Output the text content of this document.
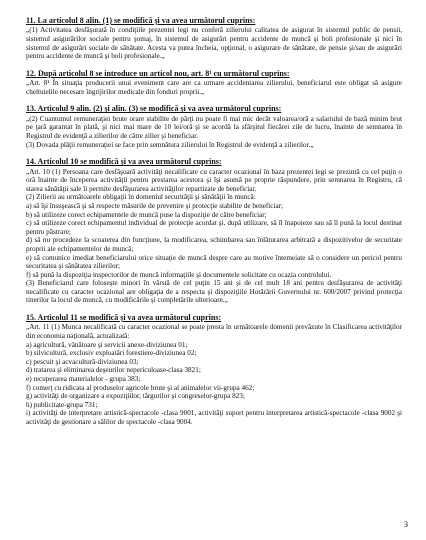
11. La articolul 8 alin. (1) se modifică şi va avea următorul cuprins:

„(1) Activitatea desfăşurată în condiţiile prezentei legi nu conferă zilierului calitatea de asigurat în sistemul public de pensii, sistemul asigurărilor sociale pentru şomaj, în sistemul de asigurări pentru accidente de muncă şi boli profesionale şi nici în sistemul de asigurări sociale de sănătate. Acesta va putea încheia, opţional, o asigurare de sănătate, de pensie şi/sau de asigurări pentru accidente de muncă şi boli profesionale.„

12. După articolul 8 se introduce un articol nou, art. 8¹ cu următorul cuprins:

„Art. 8¹ În situaţia producerii unui eveniment care are ca urmare accidentarea zilierului, beneficiarul este obligat să asigure cheltuielile necesare îngrijirilor medicale din fonduri proprii.„

13. Articolul 9 alin. (2) şi alin. (3) se modifică şi va avea următorul cuprins:

„(2) Cuantumul remuneraţiei brute orare stabilite de părţi nu poate fi mai mic decât valoarea/oră a salariului de bază minim brut pe ţară garantat în plată, şi nici mai mare de 10 lei/oră şi se acordă la sfârşitul fiecărei zile de lucru, înainte de semnarea în Registrul de evidenţă a zilierilor de către zilier şi beneficiar.

(3) Dovada plăţii remuneraţiei se face prin semnătura zilierului în Registrul de evidenţă a zilierilor.„

14. Articolul 10 se modifică şi va avea următorul cuprins:

„Art. 10 (1) Persoana care desfăşoară activităţi necalificate cu caracter ocazional în baza prezentei legi se prezintă cu cel puţin o oră înainte de începerea activităţii pentru prestarea acestora şi îşi asumă pe proprie răspundere, prin semnarea în Registru, că starea sănătăţii sale îi permite desfăşurarea activităţilor repartizate de beneficiar.

(2) Zilierii au următoarele obligaţii în domeniul securităţii şi sănătăţii în muncă:

a) să îşi însuşească şi să respecte măsurile de prevenire şi protecţie stabilite de beneficiar;
b) să utilizeze corect echipamentele de muncă puse la dispoziţie de către beneficiar;
c) să utilizeze corect echipamentul individual de protecţie acordat şi, după utilizare, să îl înapoieze sau să îl pună la locul destinat pentru păstrare;
d) să nu procedeze la scoaterea din funcţiune, la modificarea, schimbarea sau înlăturarea arbitrară a dispozitivelor de securitate proprii ale echipamentelor de muncă;
e) să comunice imediat beneficiarului orice situaţie de muncă despre care au motive întemeiate să o considere un pericol pentru securitatea şi sănătatea zilierilor;
f) să pună la dispoziţia inspectorilor de muncă informaţiile şi documentele solicitate cu ocazia controlului.

(3) Beneficiarul care foloseşte minori în vârstă de cel puţin 15 ani şi de cel mult 18 ani pentru desfăşurarea de activităţi necalificate cu caracter ocazional are obligaţia de a respecta şi dispoziţiile Hotărârii Guvernului nr. 600/2007 privind protecţia tinerilor la locul de muncă, cu modificările şi completările ulterioare.„

15. Articolul 11 se modifică şi va avea următorul cuprins:

„Art. 11 (1) Munca necalificată cu caracter ocazional se poate presta în următoarele domenii prevăzute în Clasificarea activităţilor din economia naţională, actualizată:

a) agricultură, vânătoare şi servicii anexe-diviziunea 01;
b) silvicultură, exclusiv exploatări forestiere-diviziunea 02;
c) pescuit şi acvacultură-diviziunea 03;
d) tratarea şi eliminarea deşeurilor nepericuloase-clasa 3821;
e) recuperarea materialelor - grupa 383;
f) comerţ cu ridicata al produselor agricole brute şi al animalelor vii-grupa 462;
g) activităţi de organizare a expoziţiilor, târgurilor şi congreselor-grupa 823;
h) publicitate-grupa 731;
i) activităţi de interpretare artistică-spectacole -clasa 9001, activităţi suport pentru interpretarea artistică-spectacole -clasa 9002 şi activităţi de gestionare a sălilor de spectacole -clasa 9004.
3
